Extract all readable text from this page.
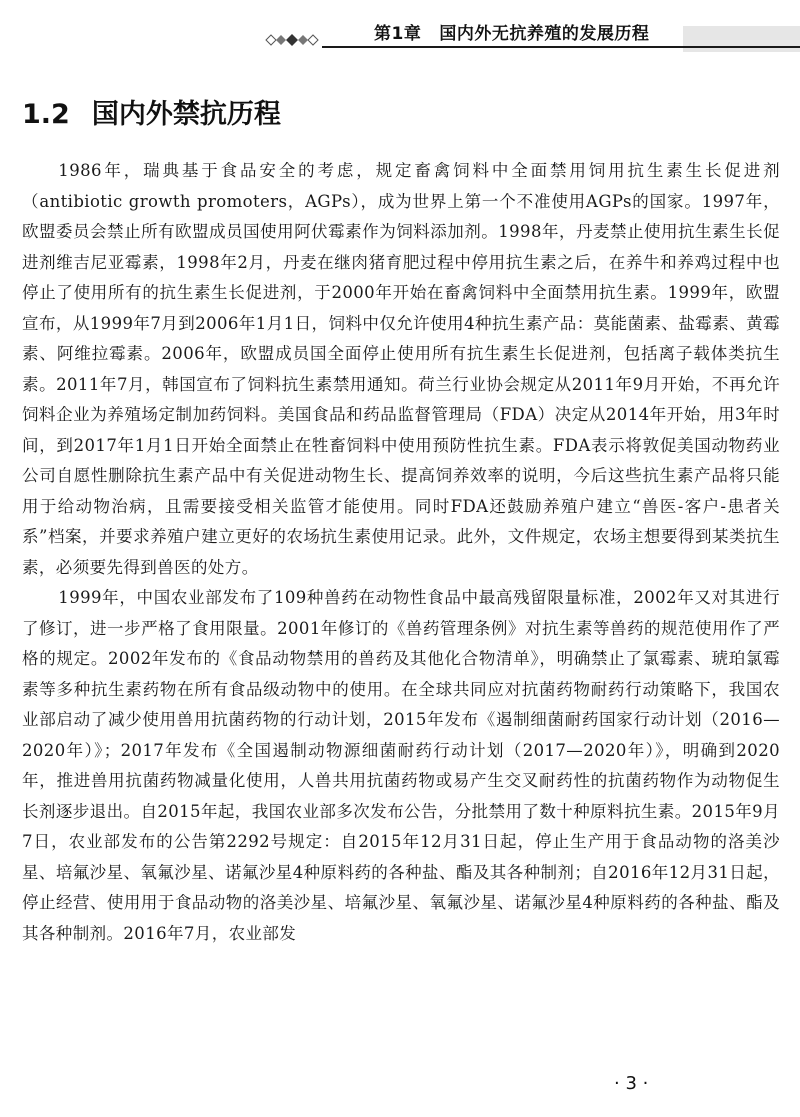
第1章 国内外无抗养殖的发展历程
1.2 国内外禁抗历程

1986年，瑞典基于食品安全的考虑，规定畜禽饲料中全面禁用饲用抗生素生长促进剂（antibiotic growth promoters，AGPs），成为世界上第一个不准使用AGPs的国家。1997年，欧盟委员会禁止所有欧盟成员国使用阿伏霉素作为饲料添加剂。1998年，丹麦禁止使用抗生素生长促进剂维吉尼亚霉素，1998年2月，丹麦在继肉猪育肥过程中停用抗生素之后，在养牛和养鸡过程中也停止了使用所有的抗生素生长促进剂，于2000年开始在畜禽饲料中全面禁用抗生素。1999年，欧盟宣布，从1999年7月到2006年1月1日，饲料中仅允许使用4种抗生素产品：莫能菌素、盐霉素、黄霉素、阿维拉霉素。2006年，欧盟成员国全面停止使用所有抗生素生长促进剂，包括离子载体类抗生素。2011年7月，韩国宣布了饲料抗生素禁用通知。荷兰行业协会规定从2011年9月开始，不再允许饲料企业为养殖场定制加药饲料。美国食品和药品监督管理局（FDA）决定从2014年开始，用3年时间，到2017年1月1日开始全面禁止在牲畜饲料中使用预防性抗生素。FDA表示将敦促美国动物药业公司自愿性删除抗生素产品中有关促进动物生长、提高饲养效率的说明，今后这些抗生素产品将只能用于给动物治病，且需要接受相关监管才能使用。同时FDA还鼓励养殖户建立“兽医-客户-患者关系”档案，并要求养殖户建立更好的农场抗生素使用记录。此外，文件规定，农场主想要得到某类抗生素，必须要先得到兽医的处方。

1999年，中国农业部发布了109种兽药在动物性食品中最高残留限量标准，2002年又对其进行了修订，进一步严格了食用限量。2001年修订的《兽药管理条例》对抗生素等兽药的规范使用作了严格的规定。2002年发布的《食品动物禁用的兽药及其他化合物清单》，明确禁止了氯霉素、琥珀氯霉素等多种抗生素药物在所有食品级动物中的使用。在全球共同应对抗菌药物耐药行动策略下，我国农业部启动了减少使用兽用抗菌药物的行动计划，2015年发布《遏制细菌耐药国家行动计划（2016—2020年）》；2017年发布《全国遏制动物源细菌耐药行动计划（2017—2020年）》，明确到2020年，推进兽用抗菌药物减量化使用，人兽共用抗菌药物或易产生交叉耐药性的抗菌药物作为动物促生长剂逐步退出。自2015年起，我国农业部多次发布公告，分批禁用了数十种原料抗生素。2015年9月7日，农业部发布的公告第2292号规定：自2015年12月31日起，停止生产用于食品动物的洛美沙星、培氟沙星、氧氟沙星、诺氟沙星4种原料药的各种盐、酯及其各种制剂；自2016年12月31日起，停止经营、使用用于食品动物的洛美沙星、培氟沙星、氧氟沙星、诺氟沙星4种原料药的各种盐、酯及其各种制剂。2016年7月，农业部发

· 3 ·
